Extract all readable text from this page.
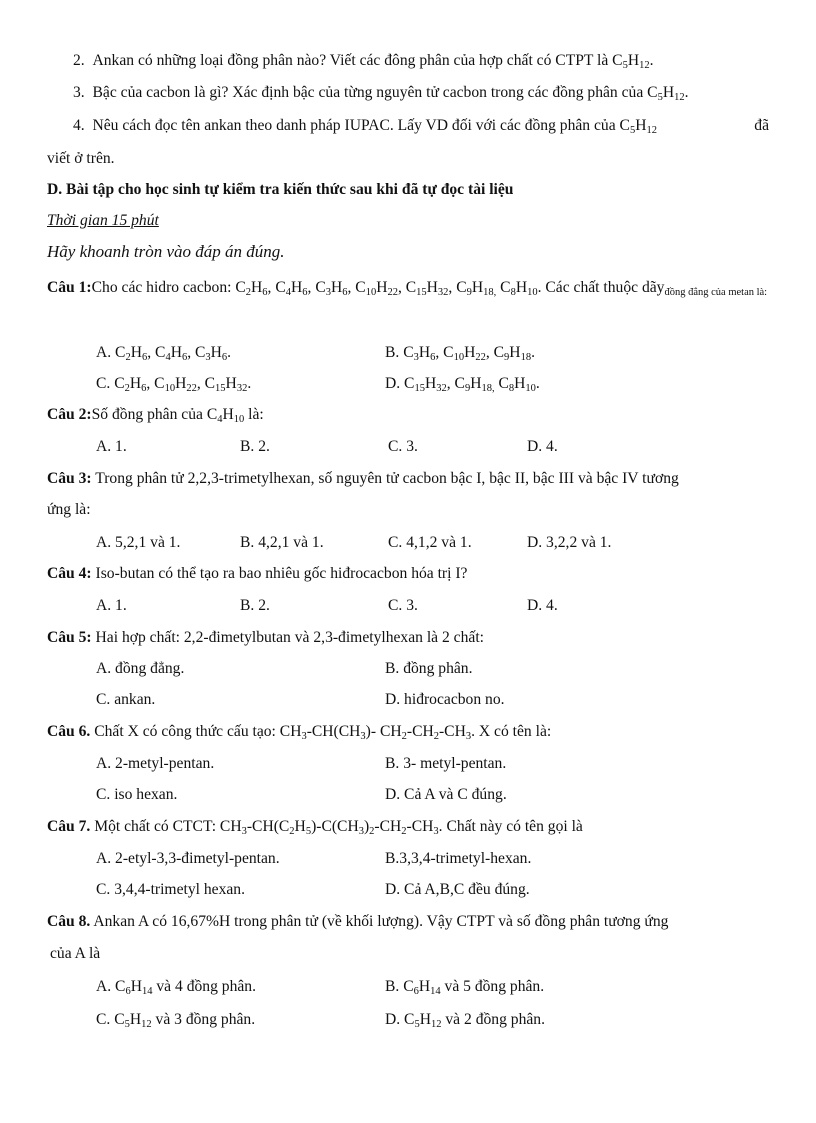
2. Ankan có những loại đồng phân nào? Viết các đông phân của hợp chất có CTPT là $C_5H_{12}$.
3. Bậc của cacbon là gì? Xác định bậc của từng nguyên tử cacbon trong các đồng phân của $C_5H_{12}$.
4. Nêu cách đọc tên ankan theo danh pháp IUPAC. Lấy VD đối với các đồng phân của $C_5H_{12}$	đã
viết ở trên.
D. Bài tập cho học sinh tự kiểm tra kiến thức sau khi đã tự đọc tài liệu
Thời gian 15 phút
Hãy khoanh tròn vào đáp án đúng.
Câu 1:Cho các hidro cacbon: $C_2H_6$, $C_4H_6$, $C_3H_6$, $C_{10}H_{22}$, $C_{15}H_{32}$, $C_9H_{18,}$ $C_8H_{10}$. Các chất thuộc dãy$_{đồng đẳng của metan là:}$
A. $C_2H_6$, $C_4H_6$, $C_3H_6$.	B. $C_3H_6$, $C_{10}H_{22}$, $C_9H_{18}$.
C. $C_2H_6$, $C_{10}H_{22}$, $C_{15}H_{32}$.	D. $C_{15}H_{32}$, $C_9H_{18,}$ $C_8H_{10}$.
Câu 2:Số đồng phân của $C_4H_{10}$ là:
A. 1.	B. 2.	C. 3.	D. 4.
Câu 3: Trong phân tử 2,2,3-trimetylhexan, số nguyên tử cacbon bậc I, bậc II, bậc III và bậc IV tương
ứng là:
A. 5,2,1 và 1.	B. 4,2,1 và 1.	C. 4,1,2 và 1.	D. 3,2,2 và 1.
Câu 4: Iso-butan có thể tạo ra bao nhiêu gốc hiđrocacbon hóa trị I?
A. 1.	B. 2.	C. 3.	D. 4.
Câu 5: Hai hợp chất: 2,2-đimetylbutan và 2,3-đimetylhexan là 2 chất:
A. đồng đẳng.	B. đồng phân.
C. ankan.	D. hiđrocacbon no.
Câu 6. Chất X có công thức cấu tạo: $CH_3-CH(CH_3)-$ $CH_2-CH_2-CH_3$. X có tên là:
A. 2-metyl-pentan.	B. 3- metyl-pentan.
C. iso hexan.	D. Cả A và C đúng.
Câu 7. Một chất có CTCT: $CH_3-CH(C_2H_5)-C(CH_3)_2-CH_2-CH_3$. Chất này có tên gọi là
A. 2-etyl-3,3-đimetyl-pentan.	B.3,3,4-trimetyl-hexan.
C. 3,4,4-trimetyl hexan.	D. Cả A,B,C đều đúng.
Câu 8. Ankan A có 16,67%H trong phân tử (về khối lượng). Vậy CTPT và số đồng phân tương ứng
của A là
A. $C_6H_{14}$ và 4 đồng phân.	B. $C_6H_{14}$ và 5 đồng phân.
C. $C_5H_{12}$ và 3 đồng phân.	D. $C_5H_{12}$ và 2 đồng phân.
